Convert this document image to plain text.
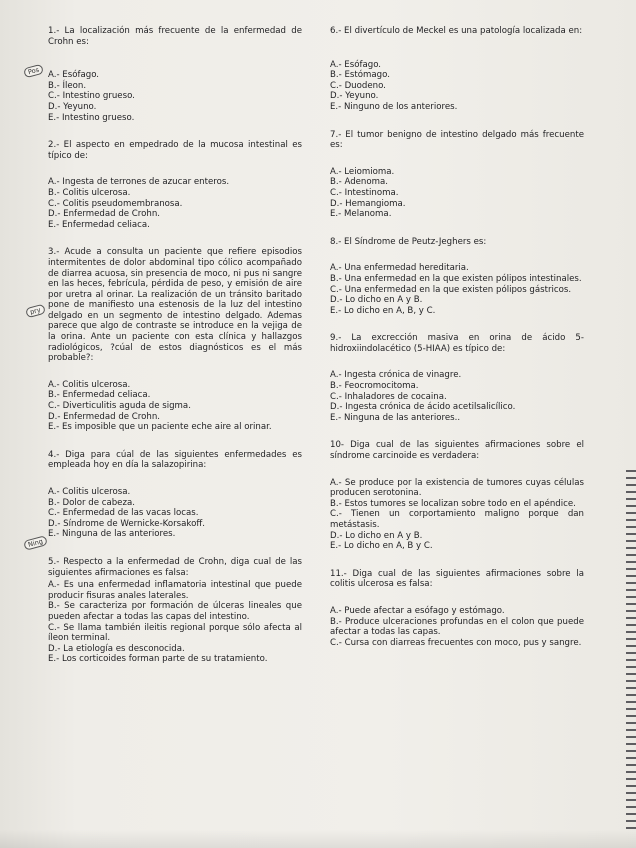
1.- La localización más frecuente de la enfermedad de Crohn es:

A.- Esófago.
B.- Íleon.
C.- Intestino grueso.
D.- Yeyuno.
E.- Intestino grueso.

2.- El aspecto en empedrado de la mucosa intestinal es típico de:

A.- Ingesta de terrones de azucar enteros.
B.- Colitis ulcerosa.
C.- Colitis pseudomembranosa.
D.- Enfermedad de Crohn.
E.- Enfermedad celiaca.

3.- Acude a consulta un paciente que refiere episodios intermitentes de dolor abdominal tipo cólico acompañado de diarrea acuosa, sin presencia de moco, ni pus ni sangre en las heces, febrícula, pérdida de peso, y emisión de aire por uretra al orinar. La realización de un tránsito baritado pone de manifiesto una estenosis de la luz del intestino delgado en un segmento de intestino delgado. Ademas parece que algo de contraste se introduce en la vejiga de la orina. Ante un paciente con esta clínica y hallazgos radiológicos, ?cúal de estos diagnósticos es el más probable?:

A.- Colitis ulcerosa.
B.- Enfermedad celiaca.
C.- Diverticulitis aguda de sigma.
D.- Enfermedad de Crohn.
E.- Es imposible que un paciente eche aire al orinar.

4.- Diga para cúal de las siguientes enfermedades es empleada hoy en día la salazopirina:

A.- Colitis ulcerosa.
B.- Dolor de cabeza.
C.- Enfermedad de las vacas locas.
D.- Síndrome de Wernicke-Korsakoff.
E.- Ninguna de las anteriores.

5.- Respecto a la enfermedad de Crohn, diga cual de las siguientes afirmaciones es falsa:

A.- Es una enfermedad inflamatoria intestinal que puede producir fisuras anales laterales.
B.- Se caracteriza por formación de úlceras lineales que pueden afectar a todas las capas del intestino.
C.- Se llama también ileitis regional porque sólo afecta al íleon terminal.
D.- La etiología es desconocida.
E.- Los corticoides forman parte de su tratamiento.

6.- El divertículo de Meckel es una patología localizada en:

A.- Esófago.
B.- Estómago.
C.- Duodeno.
D.- Yeyuno.
E.- Ninguno de los anteriores.

7.- El tumor benigno de intestino delgado más frecuente es:

A.- Leiomioma.
B.- Adenoma.
C.- Intestinoma.
D.- Hemangioma.
E.- Melanoma.

8.- El Síndrome de Peutz-Jeghers es:

A.- Una enfermedad hereditaria.
B.- Una enfermedad en la que existen pólipos intestinales.
C.- Una enfermedad en la que existen pólipos gástricos.
D.- Lo dicho en A y B.
E.- Lo dicho en A, B, y C.

9.- La excrección masiva en orina de ácido 5-hidroxiindolacético (5-HIAA) es típico de:

A.- Ingesta crónica de vinagre.
B.- Feocromocitoma.
C.- Inhaladores de cocaina.
D.- Ingesta crónica de ácido acetilsalicílico.
E.- Ninguna de las anteriores..

10- Diga cual de las siguientes afirmaciones sobre el síndrome carcinoide es verdadera:

A.- Se produce por la existencia de tumores cuyas células producen serotonina.
B.- Estos tumores se localizan sobre todo en el apéndice.
C.- Tienen un corportamiento maligno porque dan metástasis.
D.- Lo dicho en A y B.
E.- Lo dicho en A, B y C.

11.- Diga cual de las siguientes afirmaciones sobre la colitis ulcerosa es falsa:

A.- Puede afectar a esófago y estómago.
B.- Produce ulceraciones profundas en el colon que puede afectar a todas las capas.
C.- Cursa con diarreas frecuentes con moco, pus y sangre.
Pos
pry
Ning
